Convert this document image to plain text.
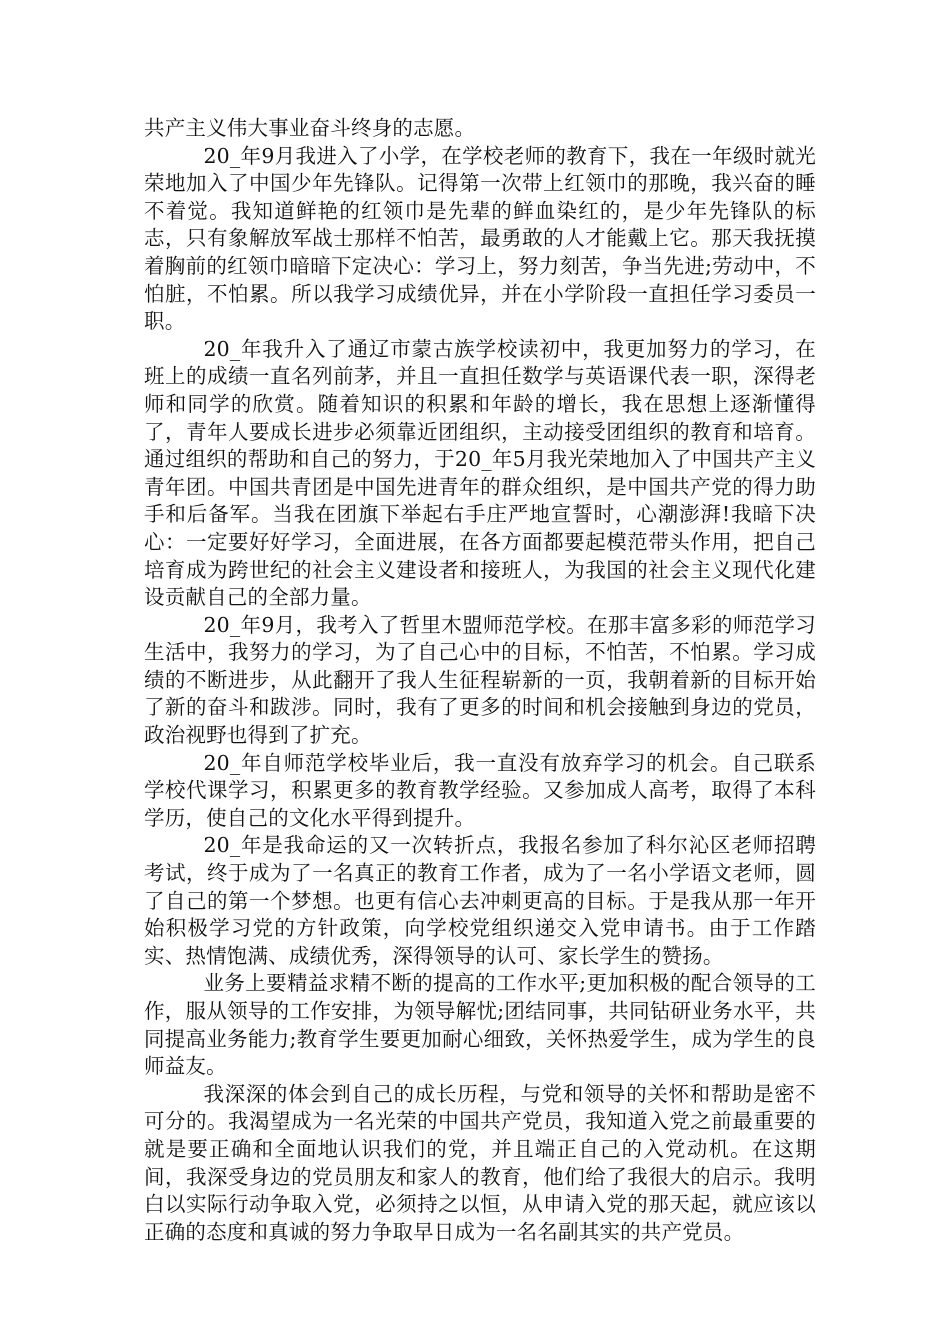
共产主义伟大事业奋斗终身的志愿。

20_年9月我进入了小学，在学校老师的教育下，我在一年级时就光荣地加入了中国少年先锋队。记得第一次带上红领巾的那晚，我兴奋的睡不着觉。我知道鲜艳的红领巾是先辈的鲜血染红的，是少年先锋队的标志，只有象解放军战士那样不怕苦，最勇敢的人才能戴上它。那天我抚摸着胸前的红领巾暗暗下定决心：学习上，努力刻苦，争当先进;劳动中，不怕脏，不怕累。所以我学习成绩优异，并在小学阶段一直担任学习委员一职。

20_年我升入了通辽市蒙古族学校读初中，我更加努力的学习，在班上的成绩一直名列前茅，并且一直担任数学与英语课代表一职，深得老师和同学的欣赏。随着知识的积累和年龄的增长，我在思想上逐渐懂得了，青年人要成长进步必须靠近团组织，主动接受团组织的教育和培育。通过组织的帮助和自己的努力，于20_年5月我光荣地加入了中国共产主义青年团。中国共青团是中国先进青年的群众组织，是中国共产党的得力助手和后备军。当我在团旗下举起右手庄严地宣誓时，心潮澎湃!我暗下决心：一定要好好学习，全面进展，在各方面都要起模范带头作用，把自己培育成为跨世纪的社会主义建设者和接班人，为我国的社会主义现代化建设贡献自己的全部力量。

20_年9月，我考入了哲里木盟师范学校。在那丰富多彩的师范学习生活中，我努力的学习，为了自己心中的目标，不怕苦，不怕累。学习成绩的不断进步，从此翻开了我人生征程崭新的一页，我朝着新的目标开始了新的奋斗和跋涉。同时，我有了更多的时间和机会接触到身边的党员，政治视野也得到了扩充。

20_年自师范学校毕业后，我一直没有放弃学习的机会。自己联系学校代课学习，积累更多的教育教学经验。又参加成人高考，取得了本科学历，使自己的文化水平得到提升。

20_年是我命运的又一次转折点，我报名参加了科尔沁区老师招聘考试，终于成为了一名真正的教育工作者，成为了一名小学语文老师，圆了自己的第一个梦想。也更有信心去冲刺更高的目标。于是我从那一年开始积极学习党的方针政策，向学校党组织递交入党申请书。由于工作踏实、热情饱满、成绩优秀，深得领导的认可、家长学生的赞扬。

业务上要精益求精不断的提高的工作水平;更加积极的配合领导的工作，服从领导的工作安排，为领导解忧;团结同事，共同钻研业务水平，共同提高业务能力;教育学生要更加耐心细致，关怀热爱学生，成为学生的良师益友。

我深深的体会到自己的成长历程，与党和领导的关怀和帮助是密不可分的。我渴望成为一名光荣的中国共产党员，我知道入党之前最重要的就是要正确和全面地认识我们的党，并且端正自己的入党动机。在这期间，我深受身边的党员朋友和家人的教育，他们给了我很大的启示。我明白以实际行动争取入党，必须持之以恒，从申请入党的那天起，就应该以正确的态度和真诚的努力争取早日成为一名名副其实的共产党员。
